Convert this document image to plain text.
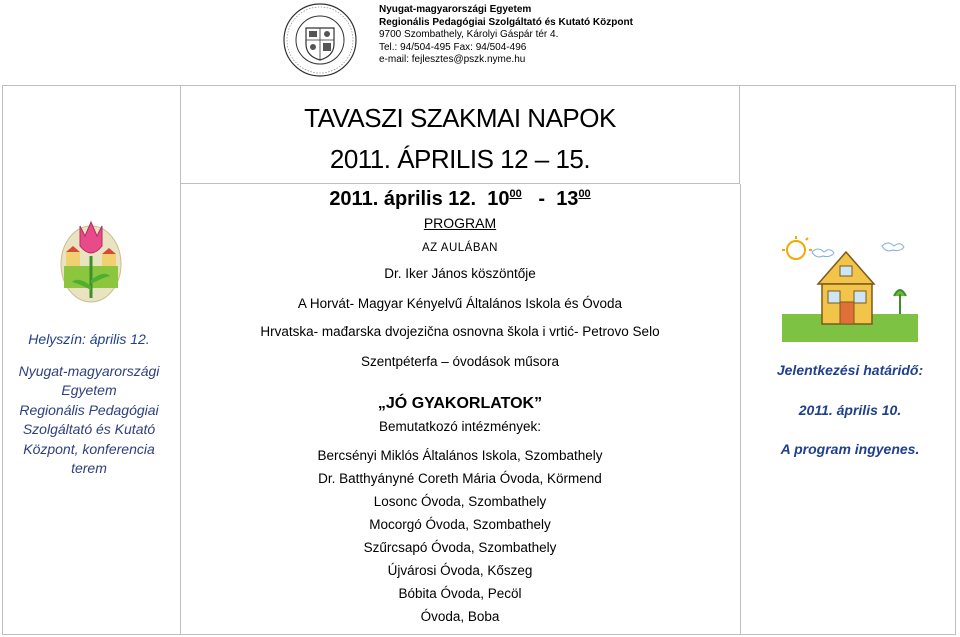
Nyugat-magyarországi Egyetem
Regionális Pedagógiai Szolgáltató és Kutató Központ
9700 Szombathely, Károlyi Gáspár tér 4.
Tel.: 94/504-495 Fax: 94/504-496
e-mail: fejlesztes@pszk.nyme.hu
TAVASZI SZAKMAI NAPOK
2011. ÁPRILIS 12 – 15.
2011. április 12. $10^{00} - 13^{00}$
PROGRAM
AZ AULÁBAN
Dr. Iker János köszöntője
A Horvát- Magyar Kényelvű Általános Iskola és Óvoda
Hrvatska- mađarska dvojezična osnovna škola i vrtić- Petrovo Selo
Szentpéterfa – óvodások műsora
„JÓ GYAKORLATOK”
Bemutatkozó intézmények:
Bercsényi Miklós Általános Iskola, Szombathely
Dr. Batthyányné Coreth Mária Óvoda, Körmend
Losonc Óvoda, Szombathely
Mocorgó Óvoda, Szombathely
Szűrcsapó Óvoda, Szombathely
Újvárosi Óvoda, Kőszeg
Bóbita Óvoda, Pecöl
Óvoda, Boba
Helyszín: április 12.
Nyugat-magyarországi
Egyetem
Regionális Pedagógiai
Szolgáltató és Kutató
Központ, konferencia
terem
Jelentkezési határidő:
2011. április 10.
A program ingyenes.
